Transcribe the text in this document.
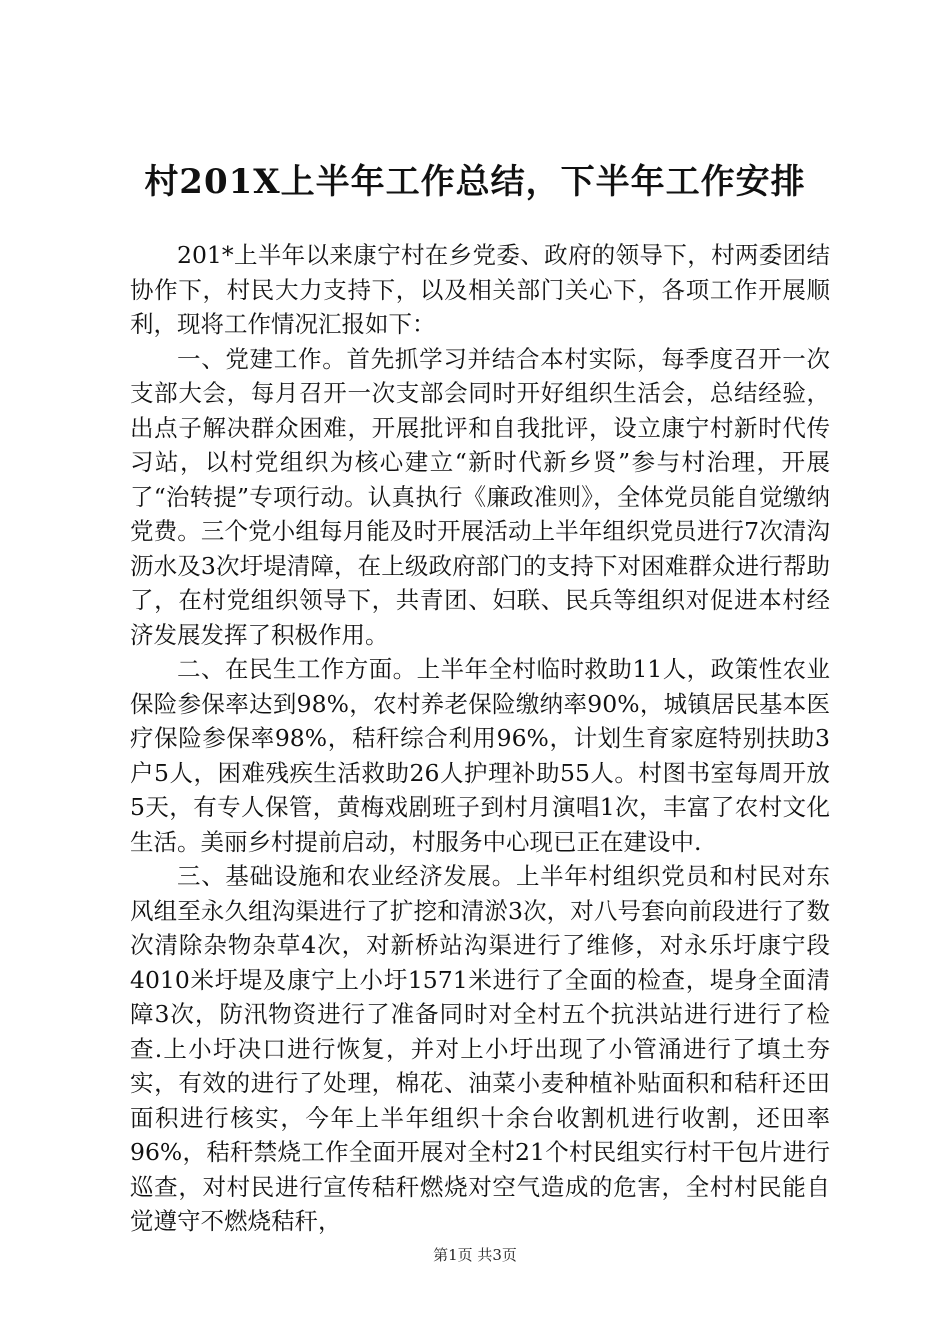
村201X上半年工作总结，下半年工作安排

201*上半年以来康宁村在乡党委、政府的领导下，村两委团结协作下，村民大力支持下，以及相关部门关心下，各项工作开展顺利，现将工作情况汇报如下：

一、党建工作。首先抓学习并结合本村实际，每季度召开一次支部大会，每月召开一次支部会同时开好组织生活会，总结经验，出点子解决群众困难，开展批评和自我批评，设立康宁村新时代传习站，以村党组织为核心建立“新时代新乡贤”参与村治理，开展了“治转提”专项行动。认真执行《廉政准则》，全体党员能自觉缴纳党费。三个党小组每月能及时开展活动上半年组织党员进行7次清沟沥水及3次圩堤清障，在上级政府部门的支持下对困难群众进行帮助了，在村党组织领导下，共青团、妇联、民兵等组织对促进本村经济发展发挥了积极作用。

二、在民生工作方面。上半年全村临时救助11人，政策性农业保险参保率达到98%，农村养老保险缴纳率90%，城镇居民基本医疗保险参保率98%，秸秆综合利用96%，计划生育家庭特别扶助3户5人，困难残疾生活救助26人护理补助55人。村图书室每周开放5天，有专人保管，黄梅戏剧班子到村月演唱1次，丰富了农村文化生活。美丽乡村提前启动，村服务中心现已正在建设中.

三、基础设施和农业经济发展。上半年村组织党员和村民对东风组至永久组沟渠进行了扩挖和清淤3次，对八号套向前段进行了数次清除杂物杂草4次，对新桥站沟渠进行了维修，对永乐圩康宁段4010米圩堤及康宁上小圩1571米进行了全面的检查，堤身全面清障3次，防汛物资进行了准备同时对全村五个抗洪站进行进行了检查.上小圩决口进行恢复，并对上小圩出现了小管涌进行了填土夯实，有效的进行了处理，棉花、油菜小麦种植补贴面积和秸秆还田面积进行核实，今年上半年组织十余台收割机进行收割，还田率96%，秸秆禁烧工作全面开展对全村21个村民组实行村干包片进行巡查，对村民进行宣传秸秆燃烧对空气造成的危害，全村村民能自觉遵守不燃烧秸秆，

第1页 共3页
